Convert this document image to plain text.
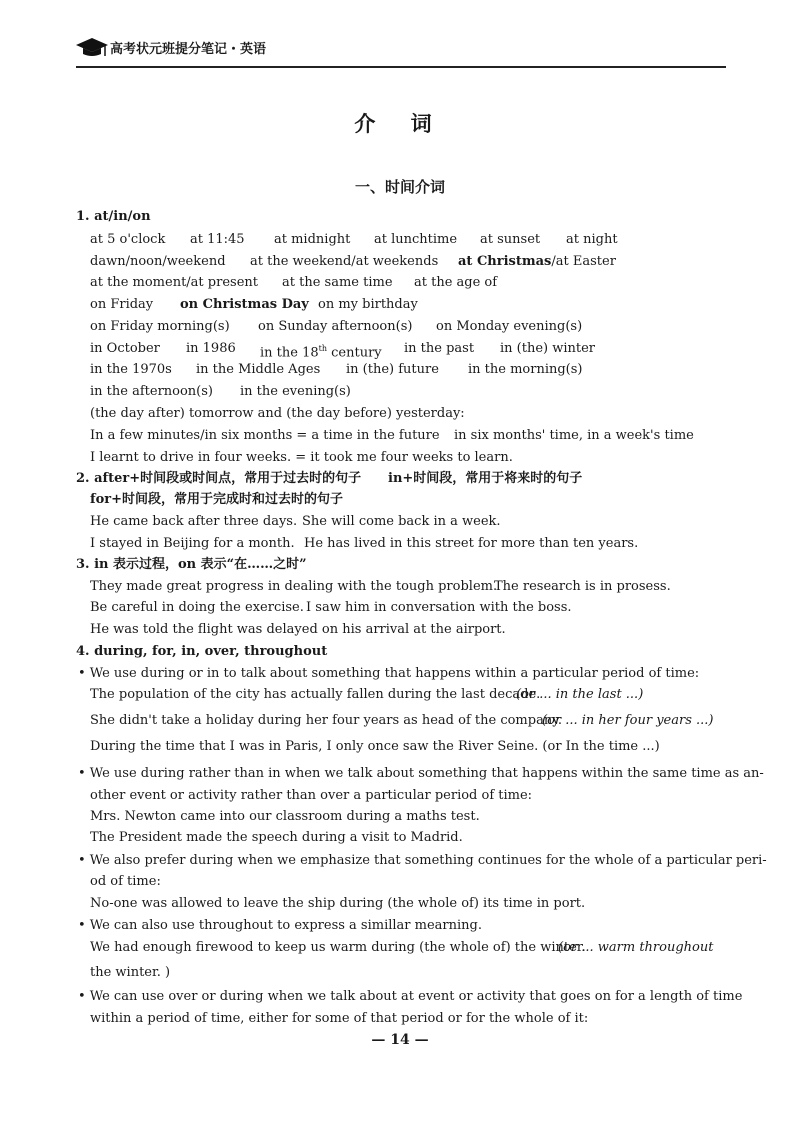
高考状元班提分笔记・英语
介 词
一、时间介词
1. at/in/on
at 5 o'clock at 11:45 at midnight at lunchtime at sunset at night
dawn/noon/weekend at the weekend/at weekends at Christmas/at Easter
at the moment/at present at the same time at the age of
on Friday on Christmas Day on my birthday
on Friday morning(s) on Sunday afternoon(s) on Monday evening(s)
in October in 1986 in the 18th century in the past in (the) winter
in the 1970s in the Middle Ages in (the) future in the morning(s)
in the afternoon(s) in the evening(s)
(the day after) tomorrow and (the day before) yesterday:
In a few minutes/in six months = a time in the future in six months' time, in a week's time
I learnt to drive in four weeks. = it took me four weeks to learn.
2. after+时间段或时间点，常用于过去时的句子 in+时间段，常用于将来时的句子
for+时间段，常用于完成时和过去时的句子
He came back after three days. She will come back in a week.
I stayed in Beijing for a month. He has lived in this street for more than ten years.
3. in 表示过程，on 表示“在……之时”
They made great progress in dealing with the tough problem.
The research is in prosess.
Be careful in doing the exercise. I saw him in conversation with the boss.
He was told the flight was delayed on his arrival at the airport.
4. during, for, in, over, throughout
• We use during or in to talk about something that happens within a particular period of time:
The population of the city has actually fallen during the last decade.
(or ... in the last ...)
She didn't take a holiday during her four years as head of the company.
(or ... in her four years ...)
During the time that I was in Paris, I only once saw the River Seine. (or In the time ...)
• We use during rather than in when we talk about something that happens within the same time as an-
other event or activity rather than over a particular period of time:
Mrs. Newton came into our classroom during a maths test.
The President made the speech during a visit to Madrid.
• We also prefer during when we emphasize that something continues for the whole of a particular peri-
od of time:
No-one was allowed to leave the ship during (the whole of) its time in port.
• We can also use throughout to express a simillar mearning.
We had enough firewood to keep us warm during (the whole of) the winter.
(or ... warm throughout
the winter. )
• We can use over or during when we talk about at event or activity that goes on for a length of time
within a period of time, either for some of that period or for the whole of it:
— 14 —
